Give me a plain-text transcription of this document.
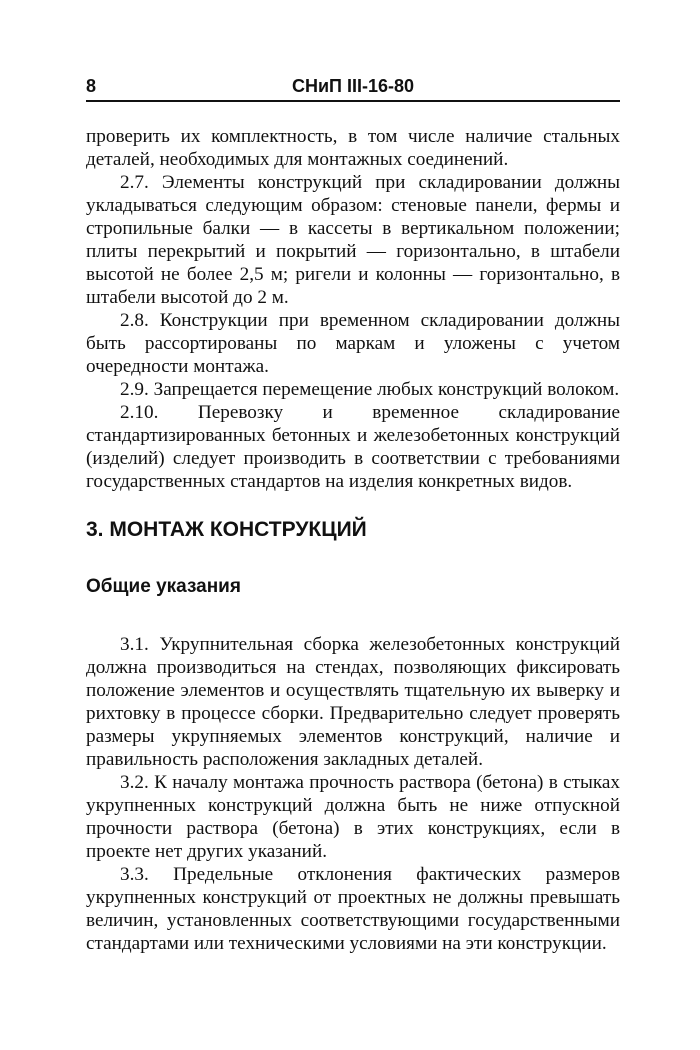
8	СНиП III-16-80

проверить их комплектность, в том числе наличие стальных деталей, необходимых для монтажных соединений.

2.7. Элементы конструкций при складировании должны укладываться следующим образом: стеновые панели, фермы и стропильные балки — в кассеты в вертикальном положении; плиты перекрытий и покрытий — горизонтально, в штабели высотой не более 2,5 м; ригели и колонны — горизонтально, в штабели высотой до 2 м.

2.8. Конструкции при временном складировании должны быть рассортированы по маркам и уложены с учетом очередности монтажа.

2.9. Запрещается перемещение любых конструкций волоком.

2.10. Перевозку и временное складирование стандартизированных бетонных и железобетонных конструкций (изделий) следует производить в соответствии с требованиями государственных стандартов на изделия конкретных видов.

3. МОНТАЖ КОНСТРУКЦИЙ
Общие указания

3.1. Укрупнительная сборка железобетонных конструкций должна производиться на стендах, позволяющих фиксировать положение элементов и осуществлять тщательную их выверку и рихтовку в процессе сборки. Предварительно следует проверять размеры укрупняемых элементов конструкций, наличие и правильность расположения закладных деталей.

3.2. К началу монтажа прочность раствора (бетона) в стыках укрупненных конструкций должна быть не ниже отпускной прочности раствора (бетона) в этих конструкциях, если в проекте нет других указаний.

3.3. Предельные отклонения фактических размеров укрупненных конструкций от проектных не должны превышать величин, установленных соответствующими государственными стандартами или техническими условиями на эти конструкции.
